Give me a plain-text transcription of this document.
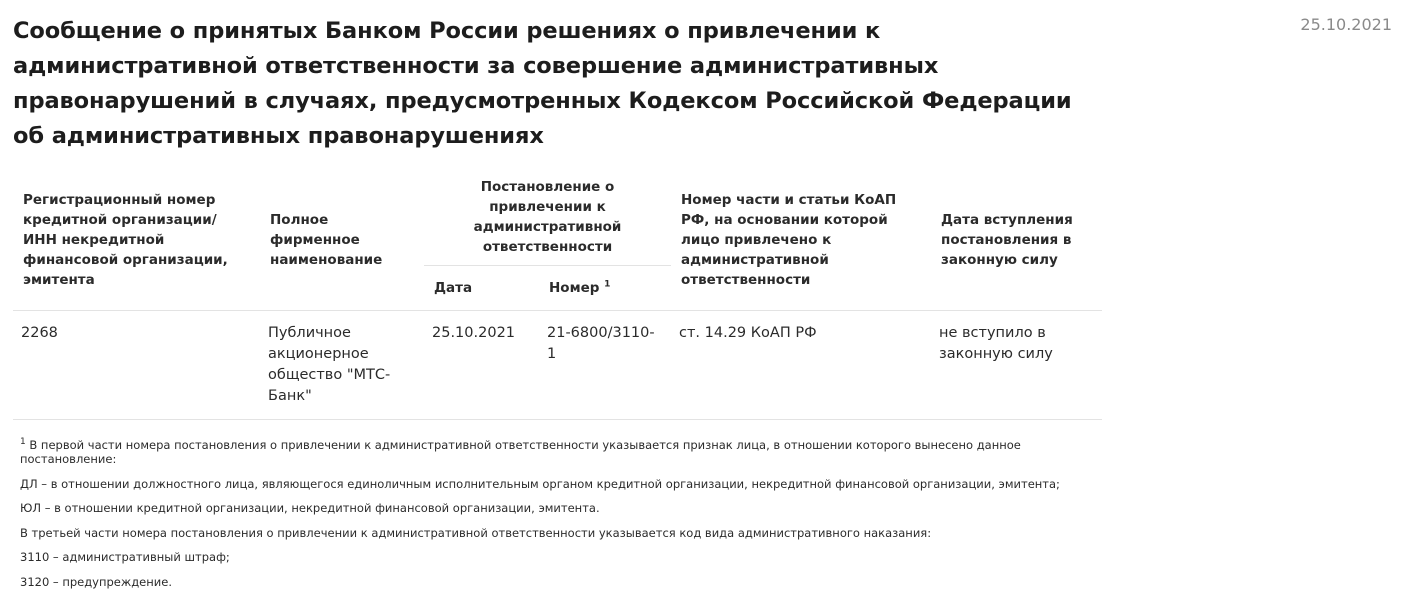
Сообщение о принятых Банком России решениях о привлечении к административной ответственности за совершение административных правонарушений в случаях, предусмотренных Кодексом Российской Федерации об административных правонарушениях
25.10.2021
Регистрационный номер кредитной организации/ИНН некредитной финансовой организации, эмитента	Полное фирменное наименование	Постановление о привлечении к административной ответственности		Номер части и статьи КоАП РФ, на основании которой лицо привлечено к административной ответственности	Дата вступления постановления в законную силу
		Дата	Номер $^1$
2268	Публичное акционерное общество "МТС-Банк"	25.10.2021	21-6800/3110-1	ст. 14.29 КоАП РФ	не вступило в законную силу

$^1$ В первой части номера постановления о привлечении к административной ответственности указывается признак лица, в отношении которого вынесено данное постановление:

ДЛ – в отношении должностного лица, являющегося единоличным исполнительным органом кредитной организации, некредитной финансовой организации, эмитента;

ЮЛ – в отношении кредитной организации, некредитной финансовой организации, эмитента.

В третьей части номера постановления о привлечении к административной ответственности указывается код вида административного наказания:

3110 – административный штраф;

3120 – предупреждение.
